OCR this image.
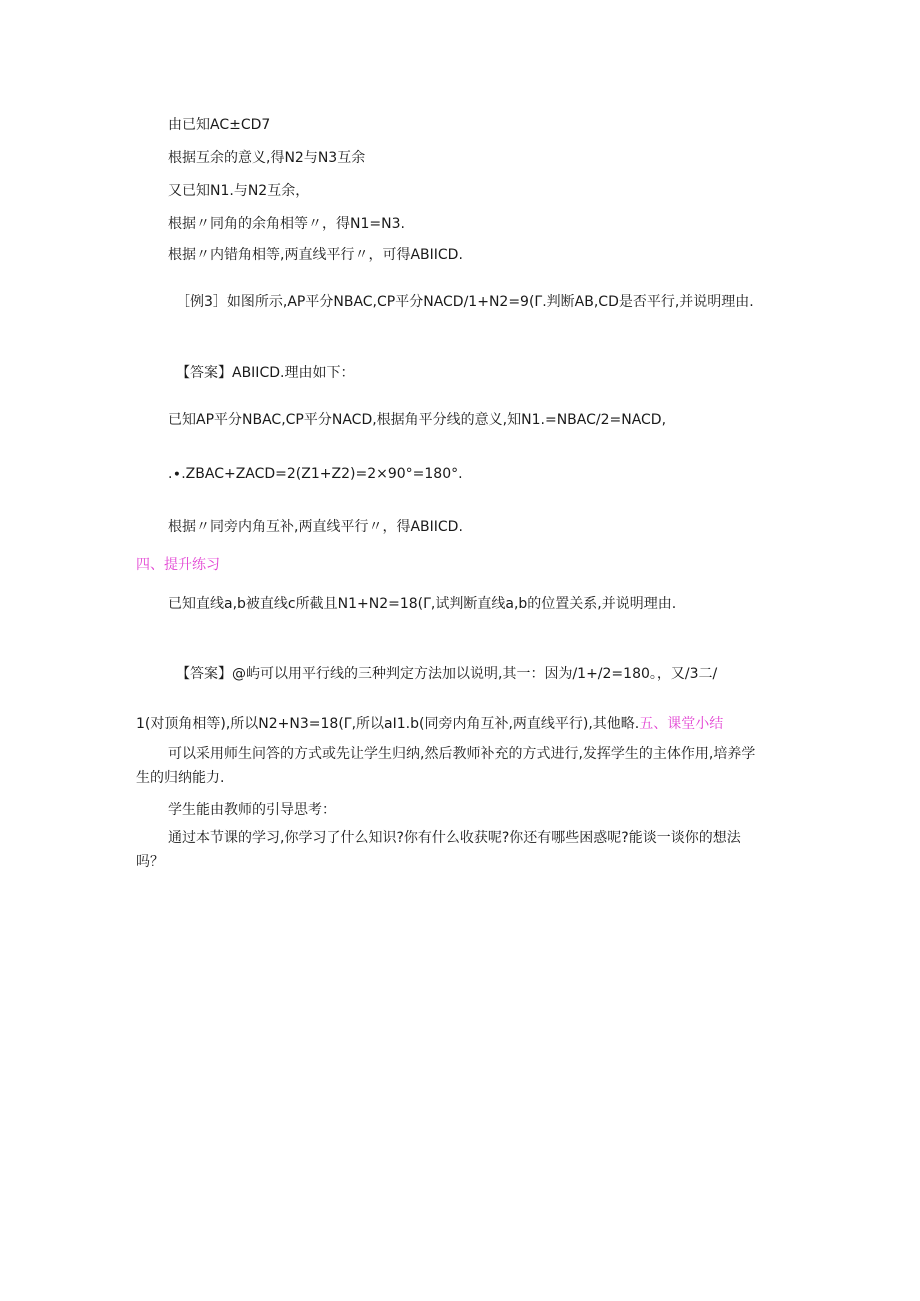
由已知AC±CD7
根据互余的意义,得N2与N3互余
又已知N1.与N2互余，
根据〃同角的余角相等〃，得N1=N3.
根据〃内错角相等,两直线平行〃，可得ABIICD.
［例3］如图所示,AP平分NBAC,CP平分NACD∕1+N2=9(Γ.判断AB,CD是否平行,并说明理由.
【答案】ABIICD.理由如下：
已知AP平分NBAC,CP平分NACD,根据角平分线的意义,知N1.=NBAC∕2=NACD,
.∙.ZBAC+ZACD=2(Z1+Z2)=2×90°=180°.
根据〃同旁内角互补,两直线平行〃，得ABIICD.
四、提升练习
已知直线a,b被直线c所截且N1+N2=18(Γ,试判断直线a,b的位置关系,并说明理由.
【答案】@屿可以用平行线的三种判定方法加以说明,其一：因为/1+/2=180。，又/3二/
1(对顶角相等),所以N2+N3=18(Γ,所以aI1.b(同旁内角互补,两直线平行),其他略.五、课堂小结
可以采用师生问答的方式或先让学生归纳,然后教师补充的方式进行,发挥学生的主体作用,培养学生的归纳能力.
学生能由教师的引导思考：
通过本节课的学习,你学习了什么知识?你有什么收获呢?你还有哪些困惑呢?能谈一谈你的想法吗？
